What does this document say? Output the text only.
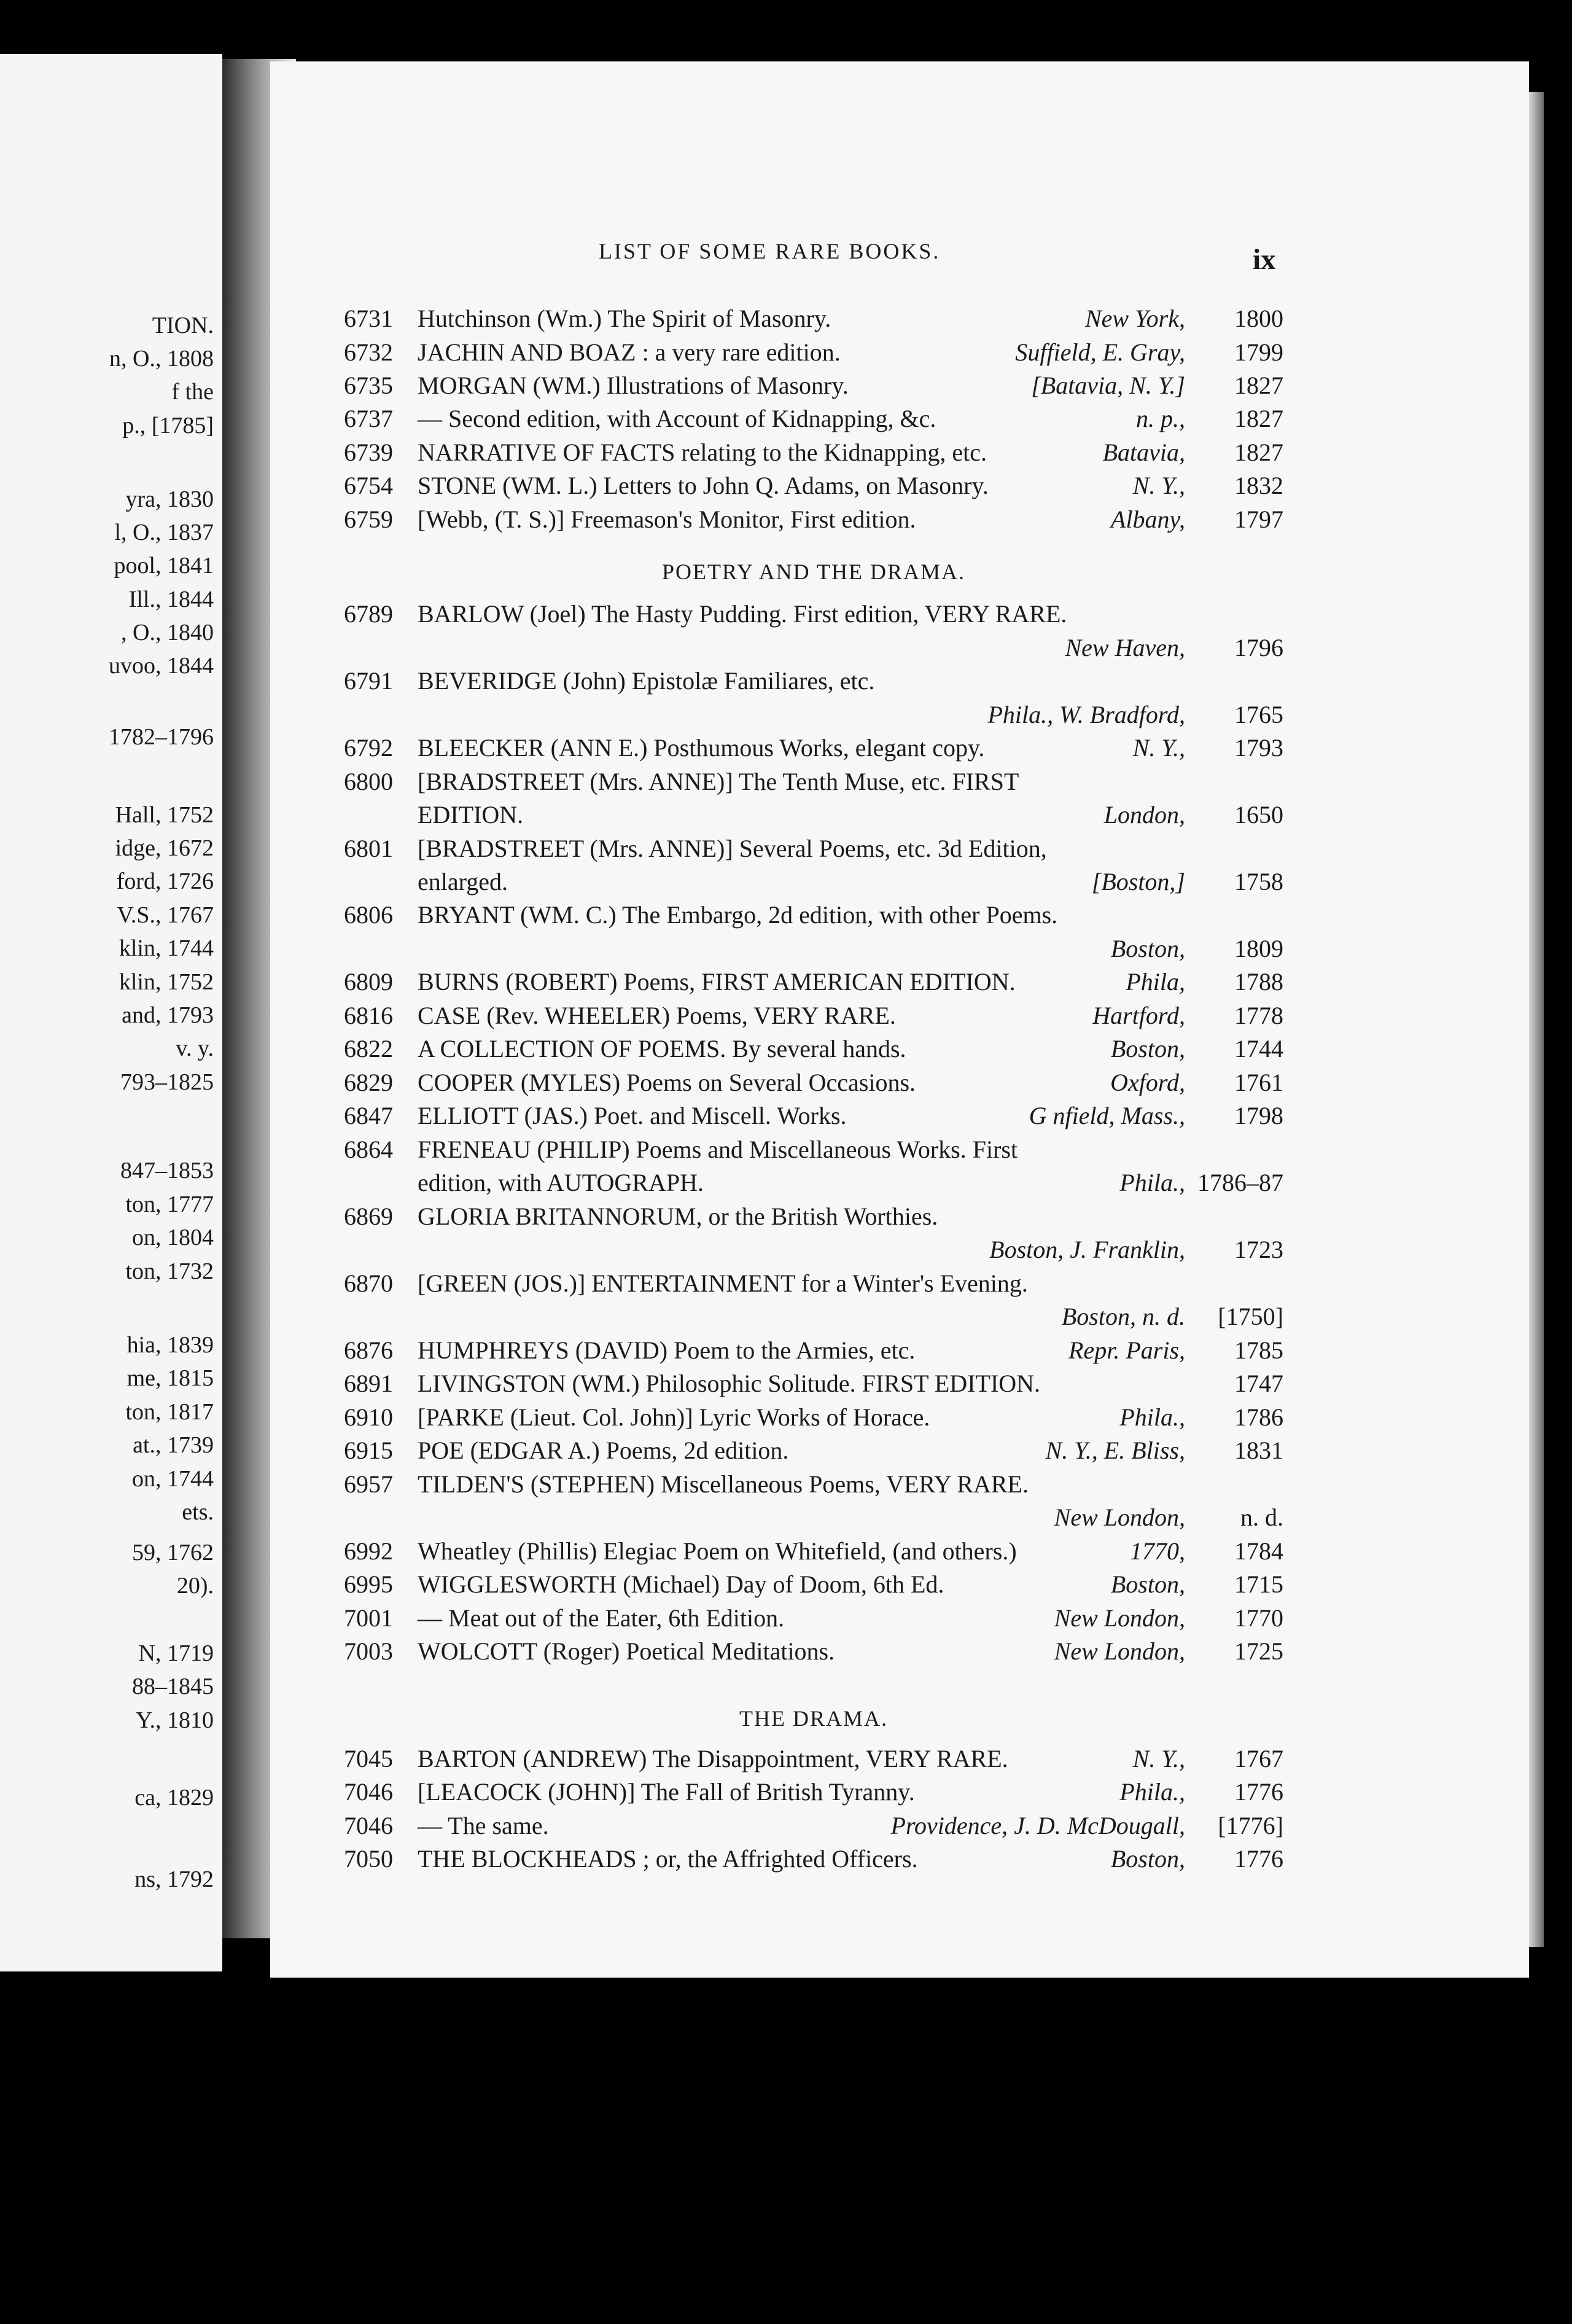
TION.
n, O., 1808
f the
p., [1785]
yra, 1830
l, O., 1837
pool, 1841
Ill., 1844
, O., 1840
uvoo, 1844
1782–1796
Hall, 1752
idge, 1672
ford, 1726
V.S., 1767
klin, 1744
klin, 1752
and, 1793
v. y.
793–1825
847–1853
ton, 1777
on, 1804
ton, 1732
hia, 1839
me, 1815
ton, 1817
at., 1739
on, 1744
ets.
59, 1762
20).
N, 1719
88–1845
Y., 1810
ca, 1829
ns, 1792
LIST OF SOME RARE BOOKS.	ix
POETRY AND THE DRAMA.
THE DRAMA.
6731 Hutchinson (Wm.) The Spirit of Masonry.	New York, 1800
6732 JACHIN AND BOAZ : a very rare edition.	Suffield, E. Gray, 1799
6735 MORGAN (WM.) Illustrations of Masonry.	[Batavia, N. Y.] 1827
6737 — Second edition, with Account of Kidnapping, &c.	n. p., 1827
6739 NARRATIVE OF FACTS relating to the Kidnapping, etc.	Batavia, 1827
6754 STONE (WM. L.) Letters to John Q. Adams, on Masonry.	N. Y., 1832
6759 [Webb, (T. S.)] Freemason's Monitor, First edition.	Albany, 1797
6789 BARLOW (Joel) The Hasty Pudding. First edition, VERY RARE.
New Haven, 1796
6791 BEVERIDGE (John) Epistolæ Familiares, etc.
Phila., W. Bradford, 1765
6792 BLEECKER (ANN E.) Posthumous Works, elegant copy.	N. Y., 1793
6800 [BRADSTREET (Mrs. ANNE)] The Tenth Muse, etc. FIRST
EDITION.	London, 1650
6801 [BRADSTREET (Mrs. ANNE)] Several Poems, etc. 3d Edition,
enlarged.	[Boston,] 1758
6806 BRYANT (WM. C.) The Embargo, 2d edition, with other Poems.
Boston, 1809
6809 BURNS (ROBERT) Poems, FIRST AMERICAN EDITION.	Phila, 1788
6816 CASE (Rev. WHEELER) Poems, VERY RARE.	Hartford, 1778
6822 A COLLECTION OF POEMS. By several hands.	Boston, 1744
6829 COOPER (MYLES) Poems on Several Occasions.	Oxford, 1761
6847 ELLIOTT (JAS.) Poet. and Miscell. Works.	G nfield, Mass., 1798
6864 FRENEAU (PHILIP) Poems and Miscellaneous Works. First
edition, with AUTOGRAPH.	Phila., 1786–87
6869 GLORIA BRITANNORUM, or the British Worthies.
Boston, J. Franklin, 1723
6870 [GREEN (JOS.)] ENTERTAINMENT for a Winter's Evening.
Boston, n. d. [1750]
6876 HUMPHREYS (DAVID) Poem to the Armies, etc.	Repr. Paris, 1785
6891 LIVINGSTON (WM.) Philosophic Solitude. FIRST EDITION.	1747
6910 [PARKE (Lieut. Col. John)] Lyric Works of Horace.	Phila., 1786
6915 POE (EDGAR A.) Poems, 2d edition.	N. Y., E. Bliss, 1831
6957 TILDEN'S (STEPHEN) Miscellaneous Poems, VERY RARE.
New London, n. d.
6992 Wheatley (Phillis) Elegiac Poem on Whitefield, (and others.)	1770, 1784
6995 WIGGLESWORTH (Michael) Day of Doom, 6th Ed.	Boston, 1715
7001 — Meat out of the Eater, 6th Edition.	New London, 1770
7003 WOLCOTT (Roger) Poetical Meditations.	New London, 1725
7045 BARTON (ANDREW) The Disappointment, VERY RARE.	N. Y., 1767
7046 [LEACOCK (JOHN)] The Fall of British Tyranny.	Phila., 1776
7046 — The same.	Providence, J. D. McDougall, [1776]
7050 THE BLOCKHEADS ; or, the Affrighted Officers.	Boston, 1776
